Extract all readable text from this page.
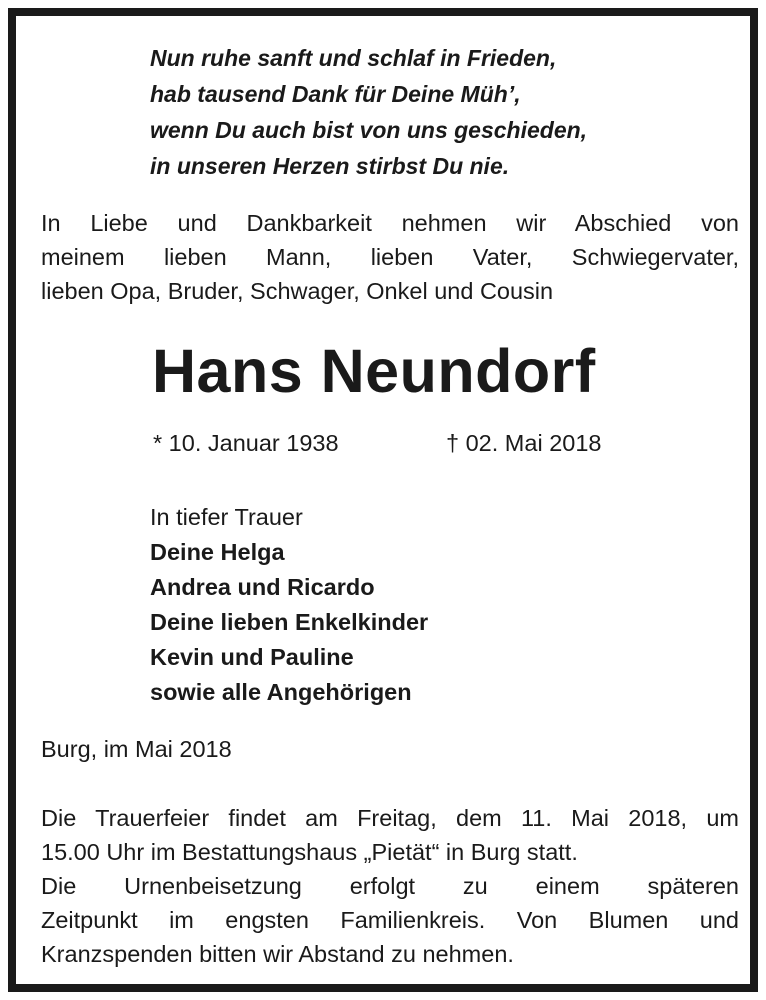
Nun ruhe sanft und schlaf in Frieden,
hab tausend Dank für Deine Müh’,
wenn Du auch bist von uns geschieden,
in unseren Herzen stirbst Du nie.
In Liebe und Dankbarkeit nehmen wir Abschied von
meinem lieben Mann, lieben Vater, Schwiegervater,
lieben Opa, Bruder, Schwager, Onkel und Cousin
Hans Neundorf
* 10. Januar 1938	† 02. Mai 2018
In tiefer Trauer
Deine Helga
Andrea und Ricardo
Deine lieben Enkelkinder
Kevin und Pauline
sowie alle Angehörigen
Burg, im Mai 2018
Die Trauerfeier findet am Freitag, dem 11. Mai 2018, um
15.00 Uhr im Bestattungshaus „Pietät“ in Burg statt.
Die Urnenbeisetzung erfolgt zu einem späteren
Zeitpunkt im engsten Familienkreis. Von Blumen und
Kranzspenden bitten wir Abstand zu nehmen.
